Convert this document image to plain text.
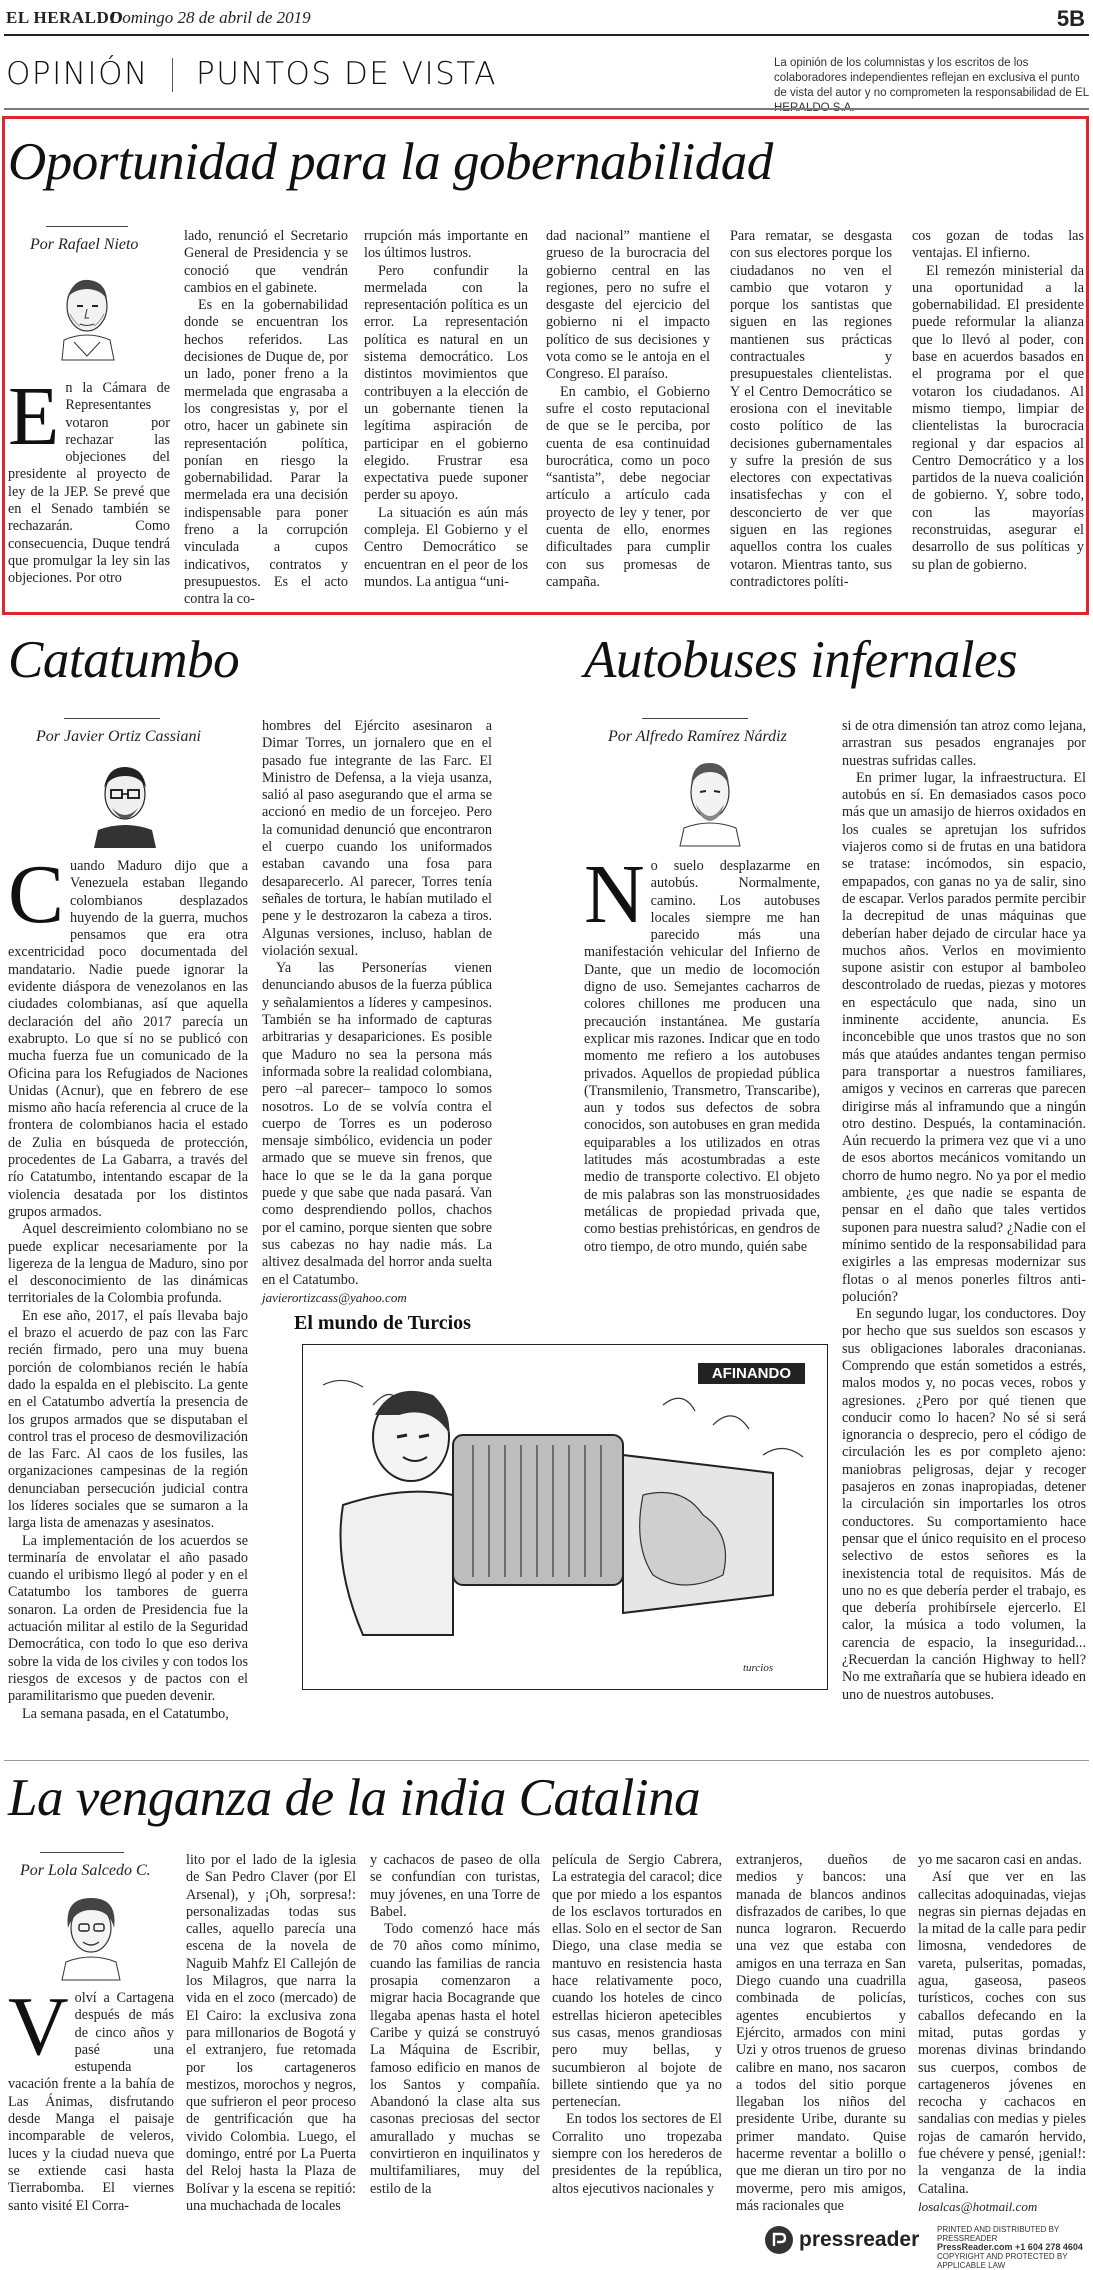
EL HERALDO
Domingo 28 de abril de 2019	5B
OPINIÓN PUNTOS DE VISTA	La opinión de los columnistas y los escritos de los colaboradores independientes reflejan en exclusiva el punto de vista del autor y no comprometen la responsabilidad de EL
Oportunidad para la gobernabilidad
Por Rafael Nieto
En la Cámara de Representantes votaron por rechazar las objeciones del presidente al proyecto de ley de la JEP. Se prevé que en el Senado también se rechazarán. Como consecuencia, Duque tendrá que promulgar la ley sin las objeciones. Por otro

lado, renunció el Secretario General de Presidencia y se conoció que vendrán cambios en el gabinete.

Es en la gobernabilidad donde se encuentran los hechos referidos. Las decisiones de Duque de, por un lado, poner freno a la mermelada que engrasaba a los congresistas y, por el otro, hacer un gabinete sin representación política, ponían en riesgo la gobernabilidad. Parar la mermelada era una decisión indispensable para poner freno a la corrupción vinculada a cupos indicativos, contratos y presupuestos. Es el acto contra la co-

rrupción más importante en los últimos lustros.

Pero confundir la mermelada con la representación política es un error. La representación política es natural en un sistema democrático. Los distintos movimientos que contribuyen a la elección de un gobernante tienen la legítima aspiración de participar en el gobierno elegido. Frustrar esa expectativa puede suponer perder su apoyo.

La situación es aún más compleja. El Gobierno y el Centro Democrático se encuentran en el peor de los mundos. La antigua “uni-

dad nacional” mantiene el grueso de la burocracia del gobierno central en las regiones, pero no sufre el desgaste del ejercicio del gobierno ni el impacto político de sus decisiones y vota como se le antoja en el Congreso. El paraíso.

En cambio, el Gobierno sufre el costo reputacional de que se le perciba, por cuenta de esa continuidad burocrática, como un poco “santista”, debe negociar artículo a artículo cada proyecto de ley y tener, por cuenta de ello, enormes dificultades para cumplir con sus promesas de campaña.

Para rematar, se desgasta con sus electores porque los ciudadanos no ven el cambio que votaron y porque los santistas que siguen en las regiones mantienen sus prácticas contractuales y presupuestales clientelistas. Y el Centro Democrático se erosiona con el inevitable costo político de las decisiones gubernamentales y sufre la presión de sus electores con expectativas insatisfechas y con el desconcierto de ver que siguen en las regiones aquellos contra los cuales votaron. Mientras tanto, sus contradictores políti-

cos gozan de todas las ventajas. El infierno.

El remezón ministerial da una oportunidad a la gobernabilidad. El presidente puede reformular la alianza que lo llevó al poder, con base en acuerdos basados en el programa por el que votaron los ciudadanos. Al mismo tiempo, limpiar de clientelistas la burocracia regional y dar espacios al Centro Democrático y a los partidos de la nueva coalición de gobierno. Y, sobre todo, con las mayorías reconstruidas, asegurar el desarrollo de sus políticas y su plan de gobierno.

Catatumbo
Por Javier Ortiz Cassiani
Cuando Maduro dijo que a Venezuela estaban llegando colombianos desplazados huyendo de la guerra, muchos pensamos que era otra excentricidad poco documentada del mandatario. Nadie puede ignorar la evidente diáspora de venezolanos en las ciudades colombianas, así que aquella declaración del año 2017 parecía un exabrupto. Lo que sí no se publicó con mucha fuerza fue un comunicado de la Oficina para los Refugiados de Naciones Unidas (Acnur), que en febrero de ese mismo año hacía referencia al cruce de la frontera de colombianos hacia el estado de Zulia en búsqueda de protección, procedentes de La Gabarra, a través del río Catatumbo, intentando escapar de la violencia desatada por los distintos grupos armados.

Aquel descreimiento colombiano no se puede explicar necesariamente por la ligereza de la lengua de Maduro, sino por el desconocimiento de las dinámicas territoriales de la Colombia profunda.

En ese año, 2017, el país llevaba bajo el brazo el acuerdo de paz con las Farc recién firmado, pero una muy buena porción de colombianos recién le había dado la espalda en el plebiscito. La gente en el Catatumbo advertía la presencia de los grupos armados que se disputaban el control tras el proceso de desmovilización de las Farc. Al caos de los fusiles, las organizaciones campesinas de la región denunciaban persecución judicial contra los líderes sociales que se sumaron a la larga lista de amenazas y asesinatos.

La implementación de los acuerdos se terminaría de envolatar el año pasado cuando el uribismo llegó al poder y en el Catatumbo los tambores de guerra sonaron. La orden de Presidencia fue la actuación militar al estilo de la Seguridad Democrática, con todo lo que eso deriva sobre la vida de los civiles y con todos los riesgos de excesos y de pactos con el paramilitarismo que pueden devenir.

La semana pasada, en el Catatumbo,

hombres del Ejército asesinaron a Dimar Torres, un jornalero que en el pasado fue integrante de las Farc. El Ministro de Defensa, a la vieja usanza, salió al paso asegurando que el arma se accionó en medio de un forcejeo. Pero la comunidad denunció que encontraron el cuerpo cuando los uniformados estaban cavando una fosa para desaparecerlo. Al parecer, Torres tenía señales de tortura, le habían mutilado el pene y le destrozaron la cabeza a tiros. Algunas versiones, incluso, hablan de violación sexual.

Ya las Personerías vienen denunciando abusos de la fuerza pública y señalamientos a líderes y campesinos. También se ha informado de capturas arbitrarias y desapariciones. Es posible que Maduro no sea la persona más informada sobre la realidad colombiana, pero –al parecer– tampoco lo somos nosotros. Lo de se volvía contra el cuerpo de Torres es un poderoso mensaje simbólico, evidencia un poder armado que se mueve sin frenos, que hace lo que se le da la gana porque puede y que sabe que nada pasará. Van como desprendiendo pollos, chachos por el camino, porque sienten que sobre sus cabezas no hay nadie más. La altivez desalmada del horror anda suelta en el Catatumbo.

javierortizcass@yahoo.com

El mundo de Turcios
AFINANDO
turcios
Autobuses infernales
Por Alfredo Ramírez Nárdiz
No suelo desplazarme en autobús. Normalmente, camino. Los autobuses locales siempre me han parecido más una manifestación vehicular del Infierno de Dante, que un medio de locomoción digno de uso. Semejantes cacharros de colores chillones me producen una precaución instantánea. Me gustaría explicar mis razones. Indicar que en todo momento me refiero a los autobuses privados. Aquellos de propiedad pública (Transmilenio, Transmetro, Transcaribe), aun y todos sus defectos de sobra conocidos, son autobuses en gran medida equiparables a los utilizados en otras latitudes más acostumbradas a este medio de transporte colectivo. El objeto de mis palabras son las monstruosidades metálicas de propiedad privada que, como bestias prehistóricas, en gendros de otro tiempo, de otro mundo, quién sabe

si de otra dimensión tan atroz como lejana, arrastran sus pesados engranajes por nuestras sufridas calles.

En primer lugar, la infraestructura. El autobús en sí. En demasiados casos poco más que un amasijo de hierros oxidados en los cuales se apretujan los sufridos viajeros como si de frutas en una batidora se tratase: incómodos, sin espacio, empapados, con ganas no ya de salir, sino de escapar. Verlos parados permite percibir la decrepitud de unas máquinas que deberían haber dejado de circular hace ya muchos años. Verlos en movimiento supone asistir con estupor al bamboleo descontrolado de ruedas, piezas y motores en espectáculo que nada, sino un inminente accidente, anuncia. Es inconcebible que unos trastos que no son más que ataúdes andantes tengan permiso para transportar a nuestros familiares, amigos y vecinos en carreras que parecen dirigirse más al inframundo que a ningún otro destino. Después, la contaminación. Aún recuerdo la primera vez que vi a uno de esos abortos mecánicos vomitando un chorro de humo negro. No ya por el medio ambiente, ¿es que nadie se espanta de pensar en el daño que tales vertidos suponen para nuestra salud? ¿Nadie con el mínimo sentido de la responsabilidad para exigirles a las empresas modernizar sus flotas o al menos ponerles filtros anti-polución?

En segundo lugar, los conductores. Doy por hecho que sus sueldos son escasos y sus obligaciones laborales draconianas. Comprendo que están sometidos a estrés, malos modos y, no pocas veces, robos y agresiones. ¿Pero por qué tienen que conducir como lo hacen? No sé si será ignorancia o desprecio, pero el código de circulación les es por completo ajeno: maniobras peligrosas, dejar y recoger pasajeros en zonas inapropiadas, detener la circulación sin importarles los otros conductores. Su comportamiento hace pensar que el único requisito en el proceso selectivo de estos señores es la inexistencia total de requisitos. Más de uno no es que debería perder el trabajo, es que debería prohibírsele ejercerlo. El calor, la música a todo volumen, la carencia de espacio, la inseguridad... ¿Recuerdan la canción Highway to hell? No me extrañaría que se hubiera ideado en uno de nuestros autobuses.

La venganza de la india Catalina
Por Lola Salcedo C.
Volví a Cartagena después de más de cinco años y pasé una estupenda vacación frente a la bahía de Las Ánimas, disfrutando desde Manga el paisaje incomparable de veleros, luces y la ciudad nueva que se extiende casi hasta Tierrabomba. El viernes santo visité El Corra-

lito por el lado de la iglesia de San Pedro Claver (por El Arsenal), y ¡Oh, sorpresa!: personalizadas todas sus calles, aquello parecía una escena de la novela de Naguib Mahfz El Callejón de los Milagros, que narra la vida en el zoco (mercado) de El Cairo: la exclusiva zona para millonarios de Bogotá y el extranjero, fue retomada por los cartageneros mestizos, morochos y negros, que sufrieron el peor proceso de gentrificación que ha vivido Colombia. Luego, el domingo, entré por La Puerta del Reloj hasta la Plaza de Bolívar y la escena se repitió: una muchachada de locales

y cachacos de paseo de olla se confundían con turistas, muy jóvenes, en una Torre de Babel.

Todo comenzó hace más de 70 años como mínimo, cuando las familias de rancia prosapia comenzaron a migrar hacia Bocagrande que llegaba apenas hasta el hotel Caribe y quizá se construyó La Máquina de Escribir, famoso edificio en manos de los Santos y compañía. Abandonó la clase alta sus casonas preciosas del sector amurallado y muchas se convirtieron en inquilinatos y multifamiliares, muy del estilo de la

película de Sergio Cabrera, La estrategia del caracol; dice que por miedo a los espantos de los esclavos torturados en ellas. Solo en el sector de San Diego, una clase media se mantuvo en resistencia hasta hace relativamente poco, cuando los hoteles de cinco estrellas hicieron apetecibles sus casas, menos grandiosas pero muy bellas, y sucumbieron al bojote de billete sintiendo que ya no pertenecían.

En todos los sectores de El Corralito uno tropezaba siempre con los herederos de presidentes de la república, altos ejecutivos nacionales y

extranjeros, dueños de medios y bancos: una manada de blancos andinos disfrazados de caribes, lo que nunca lograron. Recuerdo una vez que estaba con amigos en una terraza en San Diego cuando una cuadrilla combinada de policías, agentes encubiertos y Ejército, armados con mini Uzi y otros truenos de grueso calibre en mano, nos sacaron a todos del sitio porque llegaban los niños del presidente Uribe, durante su primer mandato. Quise hacerme reventar a bolillo o que me dieran un tiro por no moverme, pero mis amigos, más racionales que

yo me sacaron casi en andas.

Así que ver en las callecitas adoquinadas, viejas negras sin piernas dejadas en la mitad de la calle para pedir limosna, vendedores de vareta, pulseritas, pomadas, agua, gaseosa, paseos turísticos, coches con sus caballos defecando en la mitad, putas gordas y morenas divinas brindando sus cuerpos, combos de cartageneros jóvenes en recocha y cachacos en sandalias con medias y pieles rojas de camarón hervido, fue chévere y pensé, ¡genial!: la venganza de la india Catalina.

losalcas@hotmail.com

pressreader PRINTED AND DISTRIBUTED BY PRESSREADER
PressReader.com +1 604 278 4604
COPYRIGHT AND PROTECTED BY APPLICABLE LAW
